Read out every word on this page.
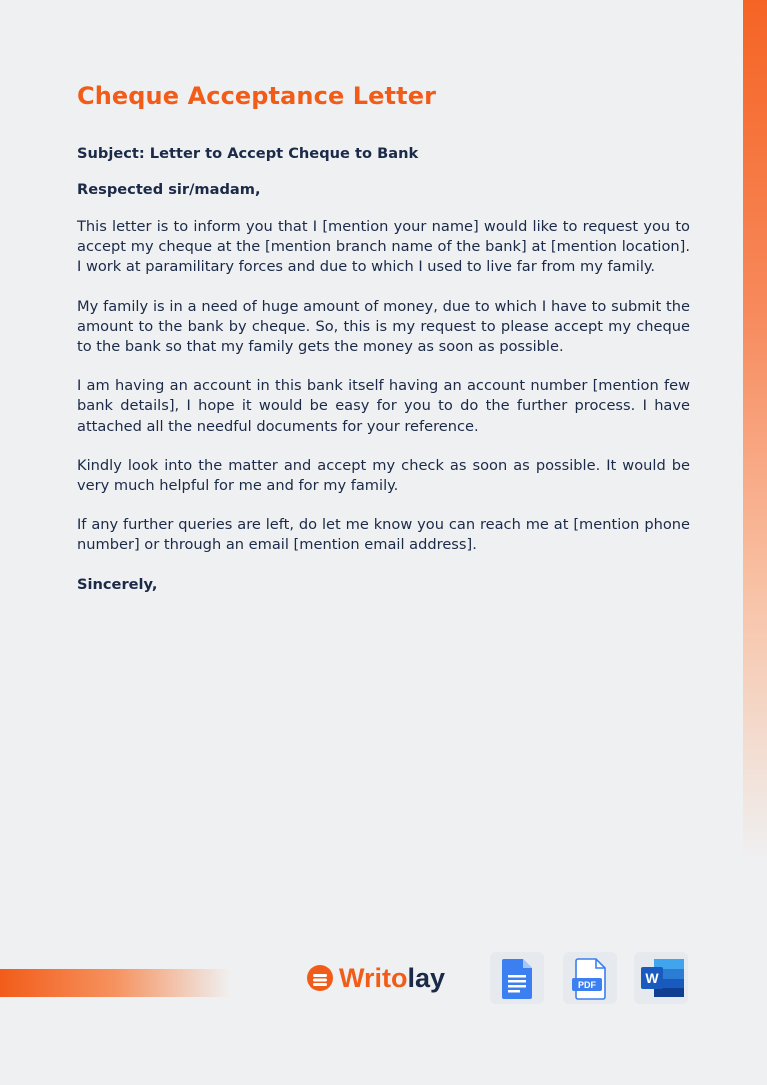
Cheque Acceptance Letter
Subject: Letter to Accept Cheque to Bank
Respected sir/madam,

This letter is to inform you that I [mention your name] would like to request you to accept my cheque at the [mention branch name of the bank] at [mention location]. I work at paramilitary forces and due to which I used to live far from my family.

My family is in a need of huge amount of money, due to which I have to submit the amount to the bank by cheque. So, this is my request to please accept my cheque to the bank so that my family gets the money as soon as possible.

I am having an account in this bank itself having an account number [mention few bank details], I hope it would be easy for you to do the further process. I have attached all the needful documents for your reference.

Kindly look into the matter and accept my check as soon as possible. It would be very much helpful for me and for my family.

If any further queries are left, do let me know you can reach me at [mention phone number] or through an email [mention email address].

Sincerely,
Writolay	PDF	W
